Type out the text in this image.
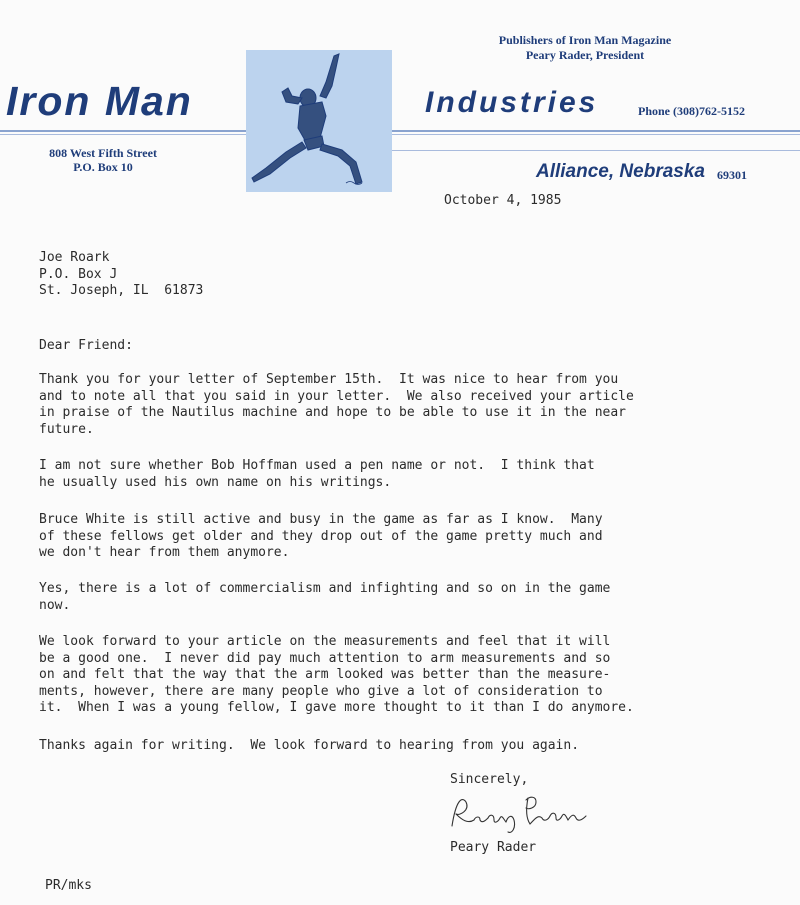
Publishers of Iron Man Magazine
Peary Rader, President
Iron Man	Industries	Phone (308)762-5152
808 West Fifth Street
P.O. Box 10	Alliance, Nebraska 69301
October 4, 1985
Joe Roark
P.O. Box J
St. Joseph, IL  61873
Dear Friend:
Thank you for your letter of September 15th.  It was nice to hear from you
and to note all that you said in your letter.  We also received your article
in praise of the Nautilus machine and hope to be able to use it in the near
future.
I am not sure whether Bob Hoffman used a pen name or not.  I think that
he usually used his own name on his writings.
Bruce White is still active and busy in the game as far as I know.  Many
of these fellows get older and they drop out of the game pretty much and
we don't hear from them anymore.
Yes, there is a lot of commercialism and infighting and so on in the game
now.
We look forward to your article on the measurements and feel that it will
be a good one.  I never did pay much attention to arm measurements and so
on and felt that the way that the arm looked was better than the measure-
ments, however, there are many people who give a lot of consideration to
it.  When I was a young fellow, I gave more thought to it than I do anymore.
Thanks again for writing.  We look forward to hearing from you again.
Sincerely,
Peary Rader
PR/mks
